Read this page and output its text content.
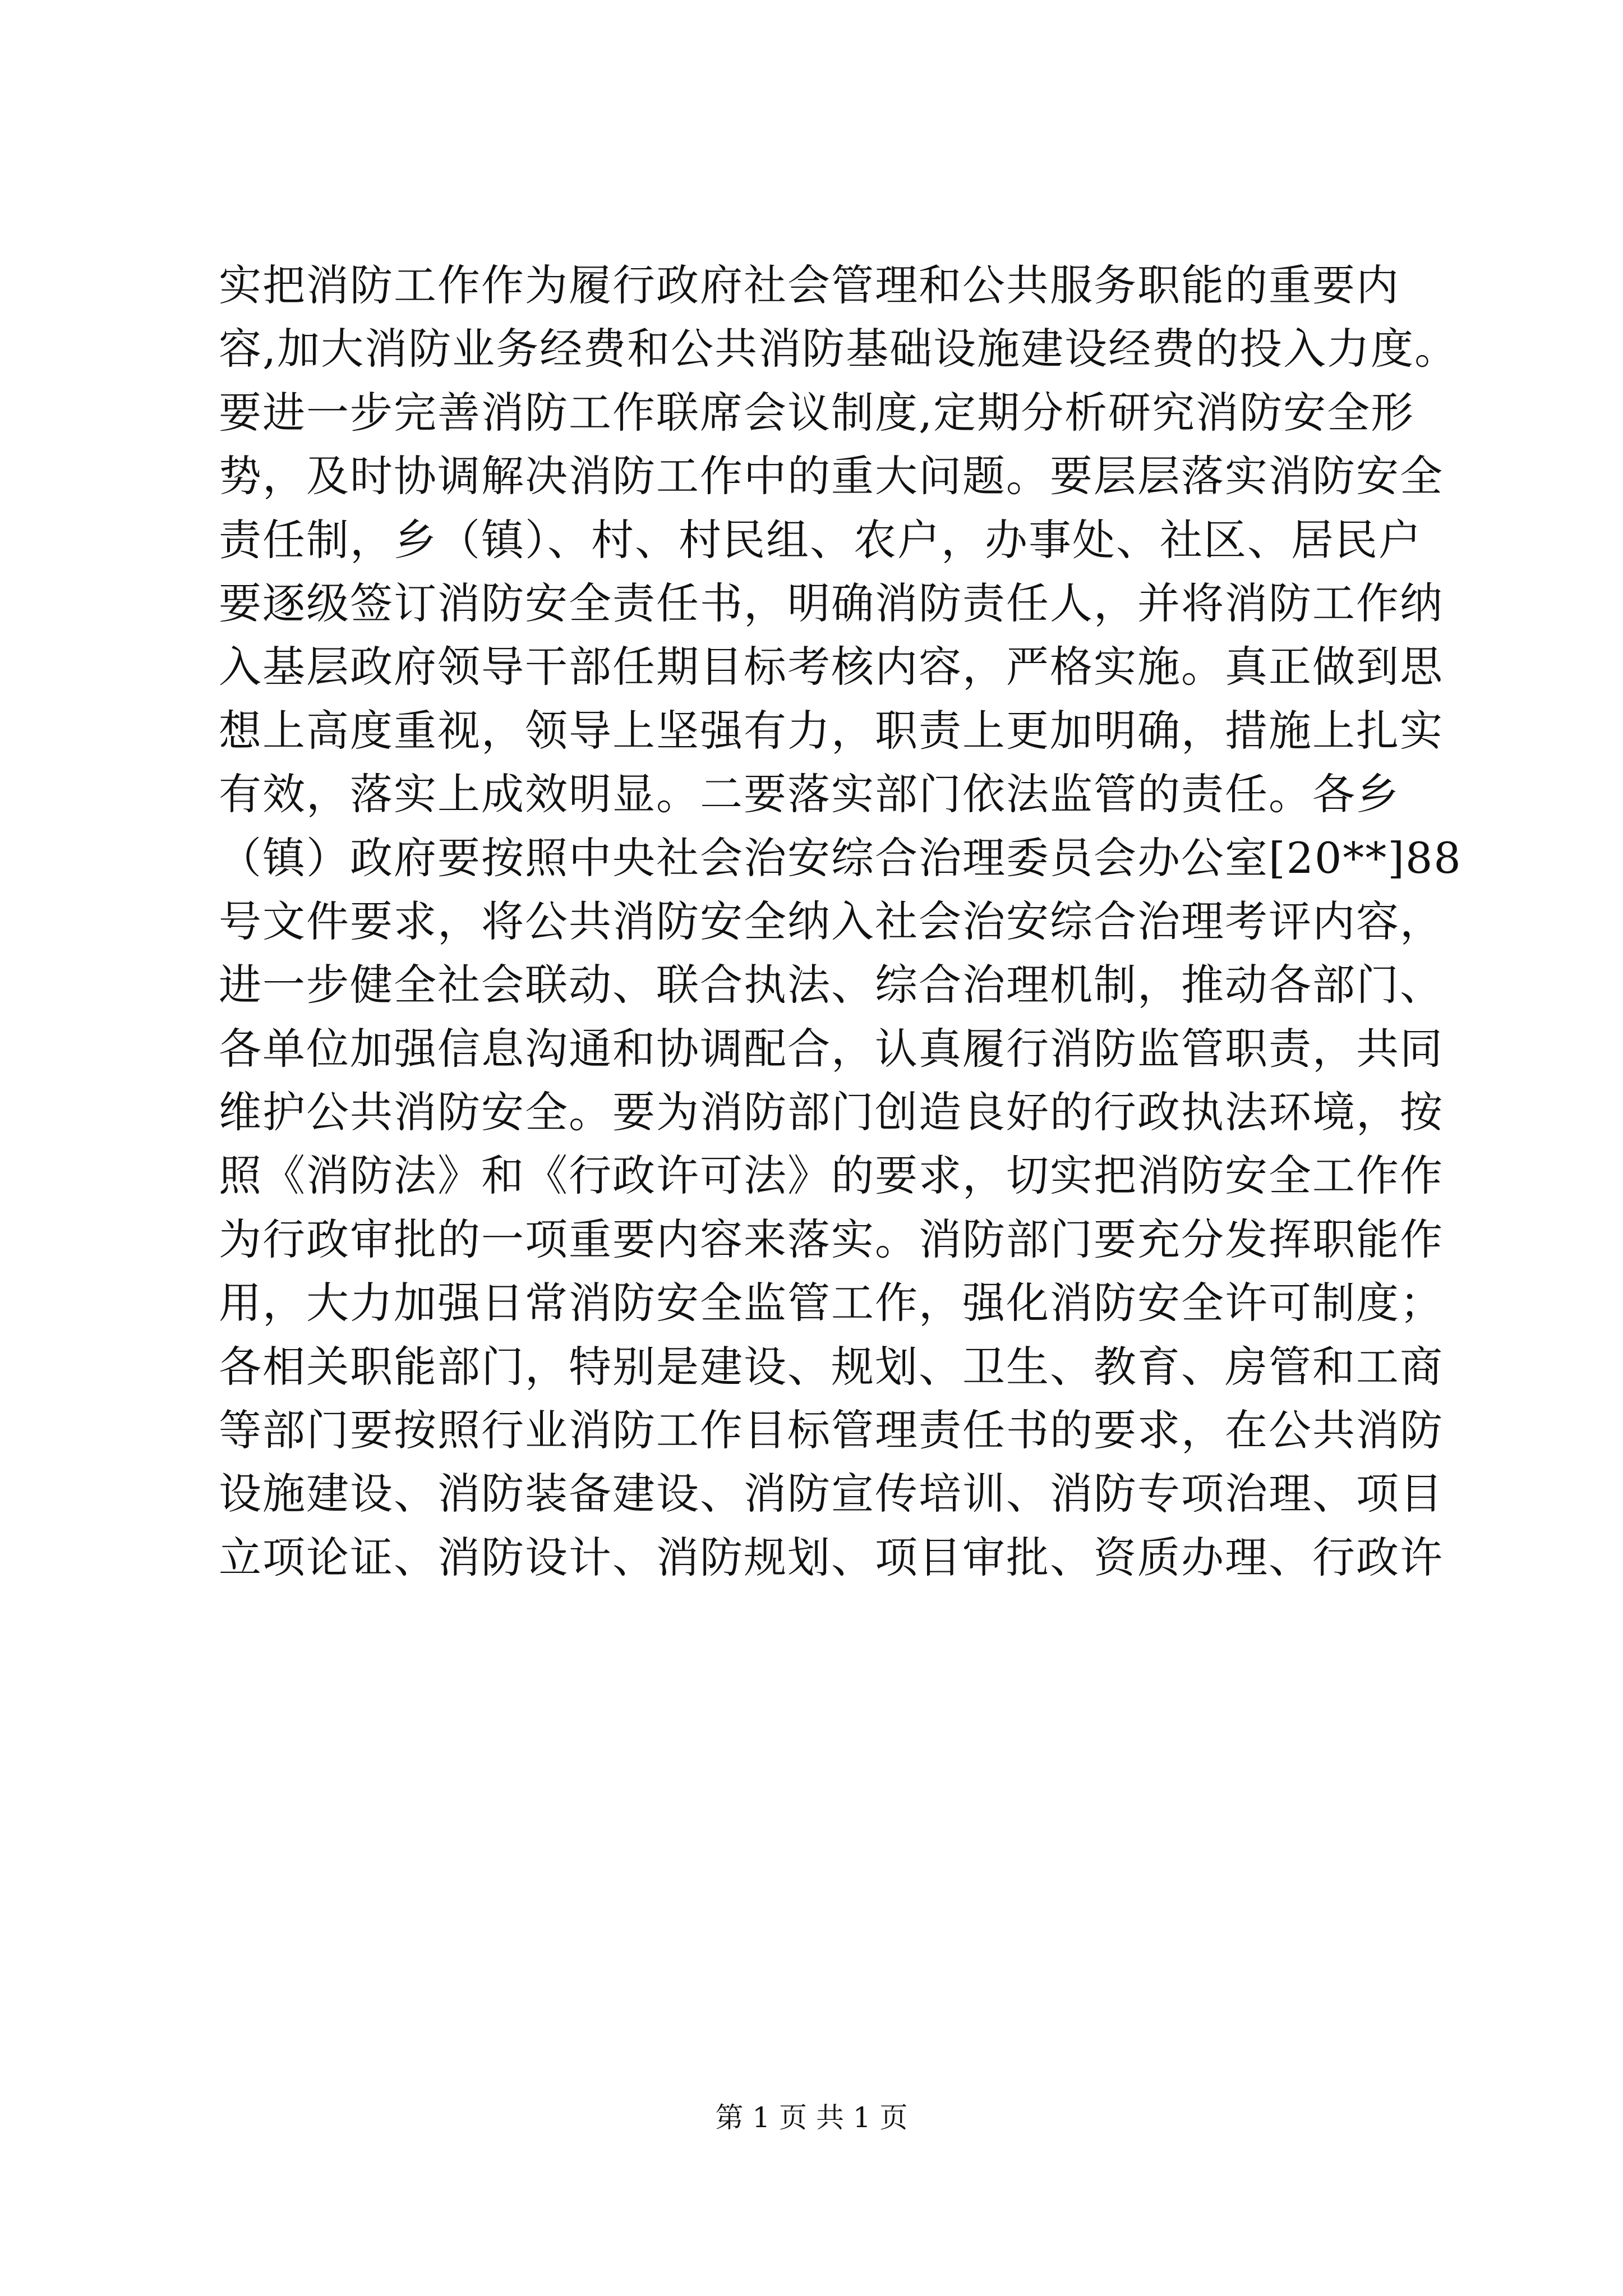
实把消防工作作为履行政府社会管理和公共服务职能的重要内
容,加大消防业务经费和公共消防基础设施建设经费的投入力度。
要进一步完善消防工作联席会议制度,定期分析研究消防安全形
势，及时协调解决消防工作中的重大问题。要层层落实消防安全
责任制，乡（镇）、村、村民组、农户，办事处、社区、居民户
要逐级签订消防安全责任书，明确消防责任人，并将消防工作纳
入基层政府领导干部任期目标考核内容，严格实施。真正做到思
想上高度重视，领导上坚强有力，职责上更加明确，措施上扎实
有效，落实上成效明显。二要落实部门依法监管的责任。各乡
（镇）政府要按照中央社会治安综合治理委员会办公室[20**]88
号文件要求，将公共消防安全纳入社会治安综合治理考评内容，
进一步健全社会联动、联合执法、综合治理机制，推动各部门、
各单位加强信息沟通和协调配合，认真履行消防监管职责，共同
维护公共消防安全。要为消防部门创造良好的行政执法环境，按
照《消防法》和《行政许可法》的要求，切实把消防安全工作作
为行政审批的一项重要内容来落实。消防部门要充分发挥职能作
用，大力加强日常消防安全监管工作，强化消防安全许可制度；
各相关职能部门，特别是建设、规划、卫生、教育、房管和工商
等部门要按照行业消防工作目标管理责任书的要求，在公共消防
设施建设、消防装备建设、消防宣传培训、消防专项治理、项目
立项论证、消防设计、消防规划、项目审批、资质办理、行政许
第 1 页 共 1 页
